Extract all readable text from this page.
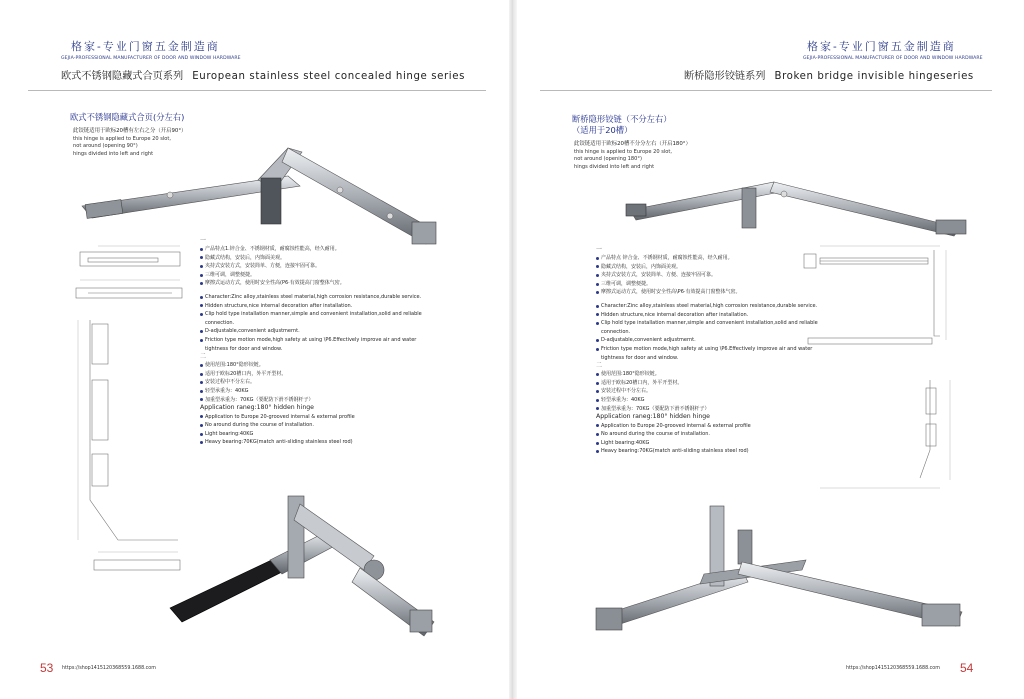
格家-专业门窗五金制造商
GEJIA-PROFESSIONAL MANUFACTURER OF DOOR AND WINDOW HARDWARE
欧式不锈钢隐藏式合页系列 European stainless steel concealed hinge series
欧式不锈钢隐藏式合页(分左右)
此铰链适用于欧标20槽有左右之分（开启90°）
this hinge is applied to Europe 20 slot,
not around (opening 90°)
hings divided into left and right
一
产品特点1.锌合金、不锈钢材质，耐腐蚀性能高，经久耐用。
隐藏式结构，安装后，内饰面美观。
夹持式安装方式，安装简单、方便，连接牢固可靠。
三维可调，调整便捷。
摩擦式运动方式，使用时安全性高(P6·有效提高门窗整体气密。
Character:Zinc alloy,stainless steel material,high corrosion resistance,durable service.
Hidden structure,nice internal decoration after installation.
Clip hold type installation manner,simple and convenient installation,solid and reliable connection.
D-adjustable,convenient adjustmernt.
Friction type motion mode,high safety at using \P6.Effectively improve air and water tightness for door and window.
二
使用范围:180°隐形铰链。
适用于欧标20槽口内，外平开型材。
安装过程中不分左右。
轻型承重为：40KG
加重型承重为：70KG（要配防下滑不锈钢杆子）
Application raneg:180° hidden hinge
Application to Europe 20-grooved internal & external profile
No around during the course of installation.
Light bearing:40KG
Heavy bearing:70KG(match anti-sliding stainless steel rod)
53 https://shop1415120368559.1688.com
格家-专业门窗五金制造商
GEJIA-PROFESSIONAL MANUFACTURER OF DOOR AND WINDOW HARDWARE
断桥隐形铰链系列 Broken bridge invisible hingeseries
断桥隐形铰链（不分左右）
（适用于20槽）
此铰链适用于欧标20槽不分分左右（开启180°）
this hinge is applied to Europe 20 slot,
not around (opening 180°)
hings divided into left and right
一
产品特点 锌合金、不锈钢材质，耐腐蚀性能高，经久耐用。
隐藏式结构，安装后，内饰面美观。
夹持式安装方式，安装简单、方便、连接牢固可靠。
三维可调，调整便捷。
摩擦式运动方式，使用时安全性高\P6·有效提高门窗整体气密。
Character:Zinc alloy,stainless steel material,high corrosion resistance,durable service.
Hidden structure,nice internal decoration after installation.
Clip hold type installation manner,simple and convenient installation,solid and reliable connection.
D-adjustable,convenient adjustmernt.
Friction type motion mode,high safety at using \P6.Effectively improve air and water tightness for door and window.
二
使用范围:180°隐形铰链。
适用于欧标20槽口内，外平开型材。
安装过程中不分左右。
轻型承重为：40KG
加重型承重为：70KG（要配防下滑不锈钢杆子）
Application raneg:180° hidden hinge
Application to Europe 20-grooved internal & external profile
No around during the course of installation.
Light bearing:40KG
Heavy bearing:70KG(match anti-sliding stainless steel rod)
https://shop1415120368559.1688.com 54
